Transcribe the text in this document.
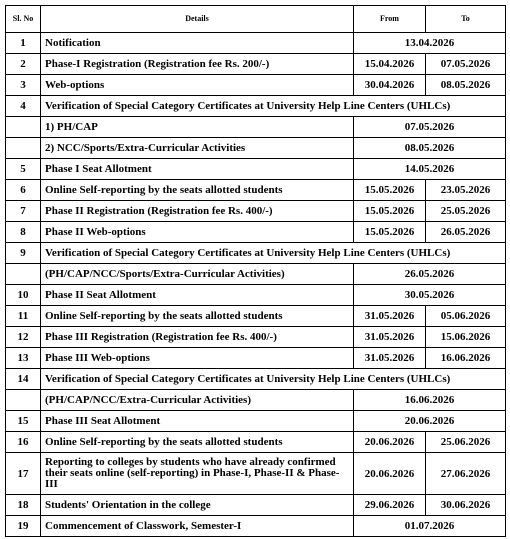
Sl. No	Details	From	To
1	Notification	13.04.2026	
2	Phase-I Registration (Registration fee Rs. 200/-)	15.04.2026	07.05.2026
3	Web-options	30.04.2026	08.05.2026
4	Verification of Special Category Certificates at University Help Line Centers (UHLCs)		
	1) PH/CAP	07.05.2026	
	2) NCC/Sports/Extra-Curricular Activities	08.05.2026	
5	Phase I Seat Allotment	14.05.2026	
6	Online Self-reporting by the seats allotted students	15.05.2026	23.05.2026
7	Phase II Registration (Registration fee Rs. 400/-)	15.05.2026	25.05.2026
8	Phase II Web-options	15.05.2026	26.05.2026
9	Verification of Special Category Certificates at University Help Line Centers (UHLCs)		
	(PH/CAP/NCC/Sports/Extra-Curricular Activities)	26.05.2026	
10	Phase II Seat Allotment	30.05.2026	
11	Online Self-reporting by the seats allotted students	31.05.2026	05.06.2026
12	Phase III Registration (Registration fee Rs. 400/-)	31.05.2026	15.06.2026
13	Phase III Web-options	31.05.2026	16.06.2026
14	Verification of Special Category Certificates at University Help Line Centers (UHLCs)		
	(PH/CAP/NCC/Extra-Curricular Activities)	16.06.2026	
15	Phase III Seat Allotment	20.06.2026	
16	Online Self-reporting by the seats allotted students	20.06.2026	25.06.2026
17	Reporting to colleges by students who have already confirmed their seats online (self-reporting) in Phase-I, Phase-II & Phase-III	20.06.2026	27.06.2026
18	Students' Orientation in the college	29.06.2026	30.06.2026
19	Commencement of Classwork, Semester-I	01.07.2026	
